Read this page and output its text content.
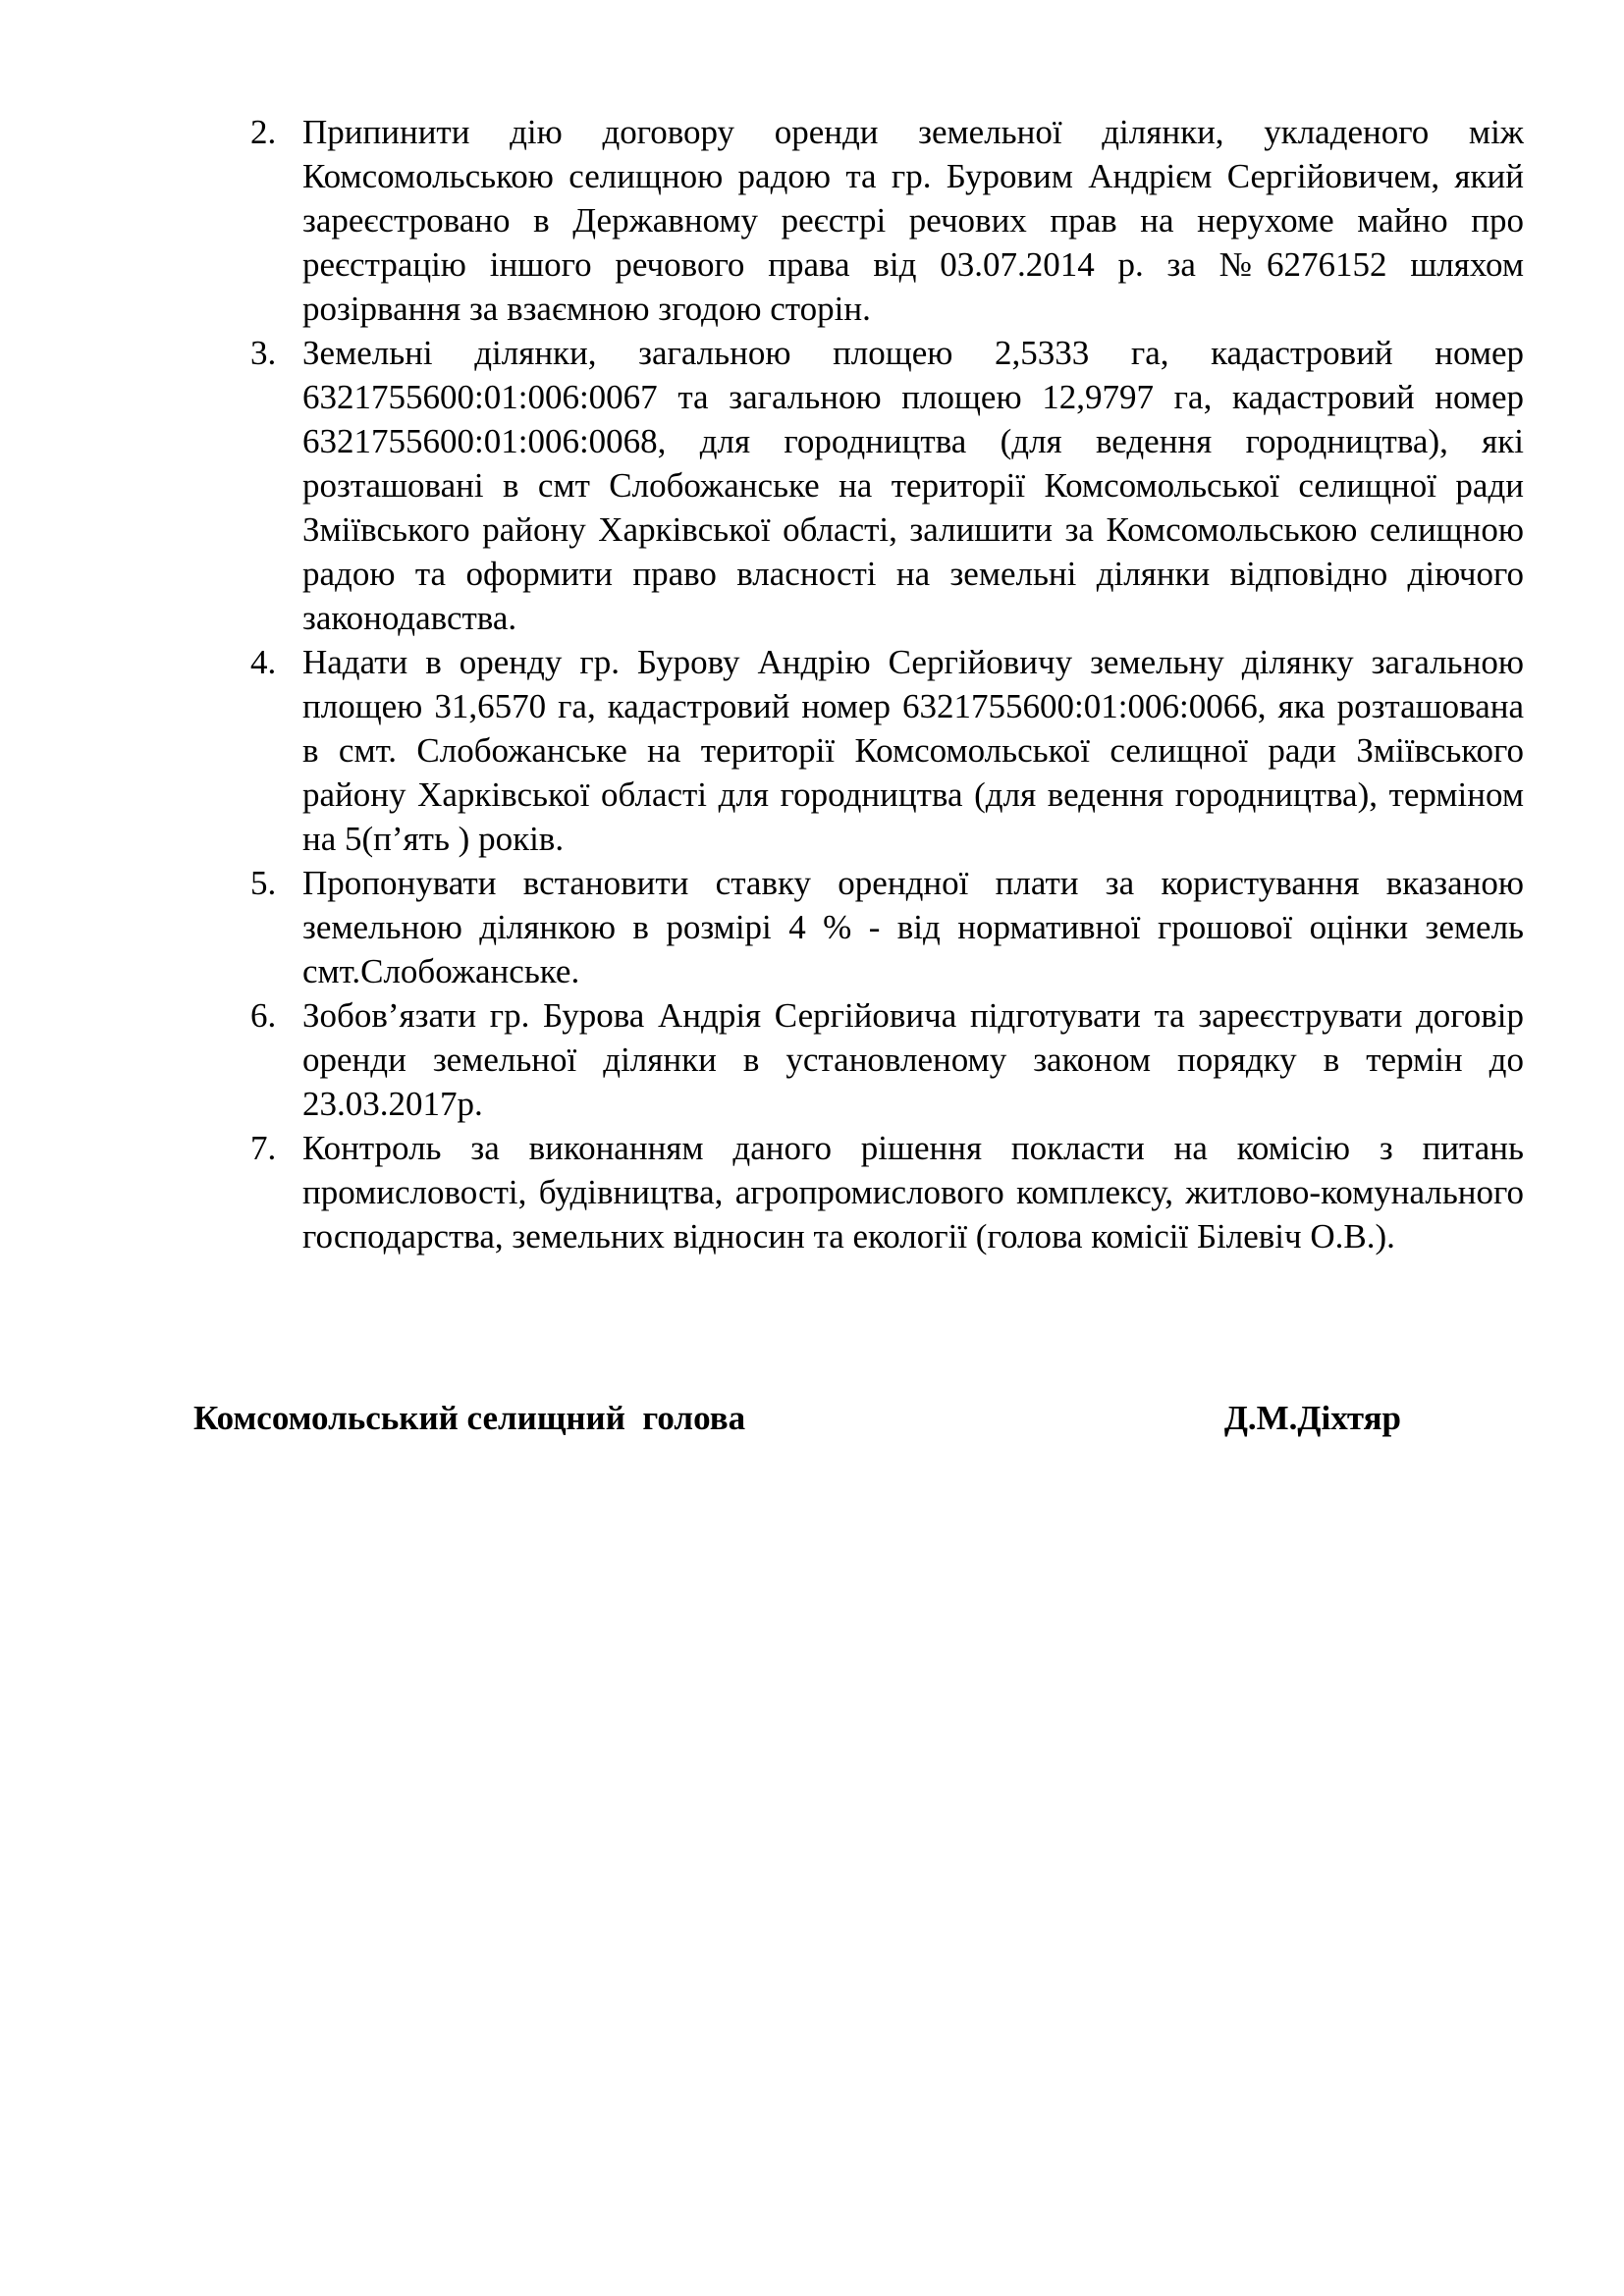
2. Припинити дію договору оренди земельної ділянки, укладеного між Комсомольською селищною радою та гр. Буровим Андрієм Сергійовичем, який зареєстровано в Державному реєстрі речових прав на нерухоме майно про реєстрацію іншого речового права від 03.07.2014 р. за №6276152 шляхом розірвання за взаємною згодою сторін.
3. Земельні ділянки, загальною площею 2,5333 га, кадастровий номер 6321755600:01:006:0067 та загальною площею 12,9797 га, кадастровий номер 6321755600:01:006:0068, для городництва (для ведення городництва), які розташовані в смт Слобожанське на території Комсомольської селищної ради Зміївського району Харківської області, залишити за Комсомольською селищною радою та оформити право власності на земельні ділянки відповідно діючого законодавства.
4. Надати в оренду гр. Бурову Андрію Сергійовичу земельну ділянку загальною площею 31,6570 га, кадастровий номер 6321755600:01:006:0066, яка розташована в смт. Слобожанське на території Комсомольської селищної ради Зміївського району Харківської області для городництва (для ведення городництва), терміном на 5(п’ять ) років.
5. Пропонувати встановити ставку орендної плати за користування вказаною земельною ділянкою в розмірі 4 % - від нормативної грошової оцінки земель смт.Слобожанське.
6. Зобов’язати гр. Бурова Андрія Сергійовича підготувати та зареєструвати договір оренди земельної ділянки в установленому законом порядку в термін до 23.03.2017р.
7. Контроль за виконанням даного рішення покласти на комісію з питань промисловості, будівництва, агропромислового комплексу, житлово-комунального господарства, земельних відносин та екології (голова комісії Білевіч О.В.).
Комсомольський селищний  голова	Д.М.Діхтяр
